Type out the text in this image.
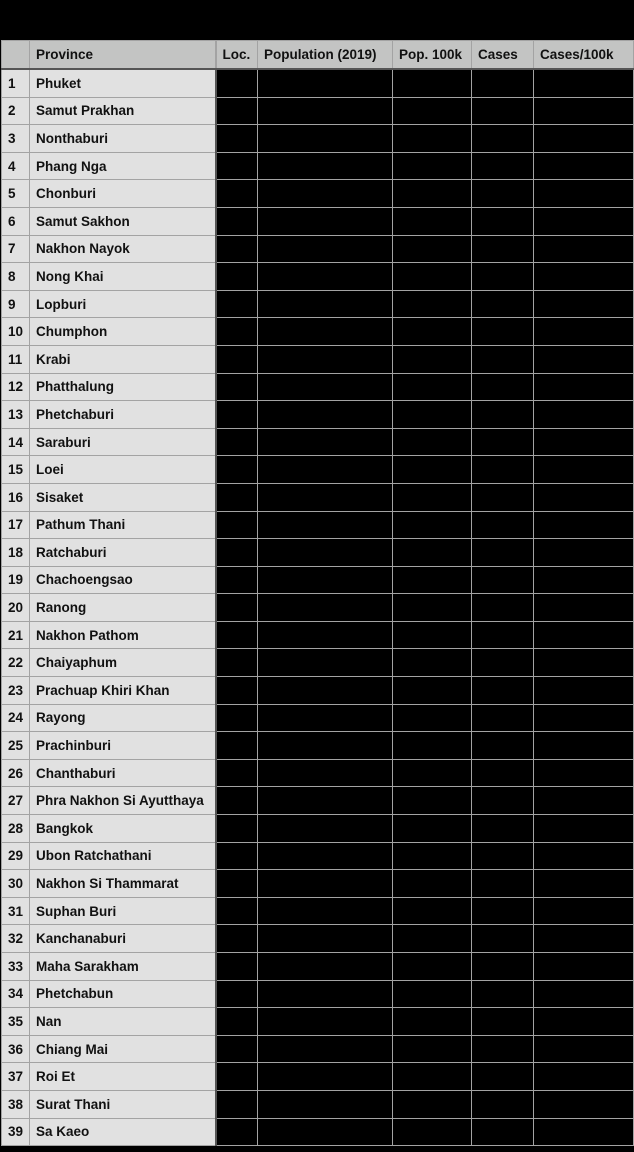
	Province	Loc.	Population (2019)	Pop. 100k	Cases	Cases/100k
1	Phuket					
2	Samut Prakhan					
3	Nonthaburi					
4	Phang Nga					
5	Chonburi					
6	Samut Sakhon					
7	Nakhon Nayok					
8	Nong Khai					
9	Lopburi					
10	Chumphon					
11	Krabi					
12	Phatthalung					
13	Phetchaburi					
14	Saraburi					
15	Loei					
16	Sisaket					
17	Pathum Thani					
18	Ratchaburi					
19	Chachoengsao					
20	Ranong					
21	Nakhon Pathom					
22	Chaiyaphum					
23	Prachuap Khiri Khan					
24	Rayong					
25	Prachinburi					
26	Chanthaburi					
27	Phra Nakhon Si Ayutthaya					
28	Bangkok					
29	Ubon Ratchathani					
30	Nakhon Si Thammarat					
31	Suphan Buri					
32	Kanchanaburi					
33	Maha Sarakham					
34	Phetchabun					
35	Nan					
36	Chiang Mai					
37	Roi Et					
38	Surat Thani					
39	Sa Kaeo					
